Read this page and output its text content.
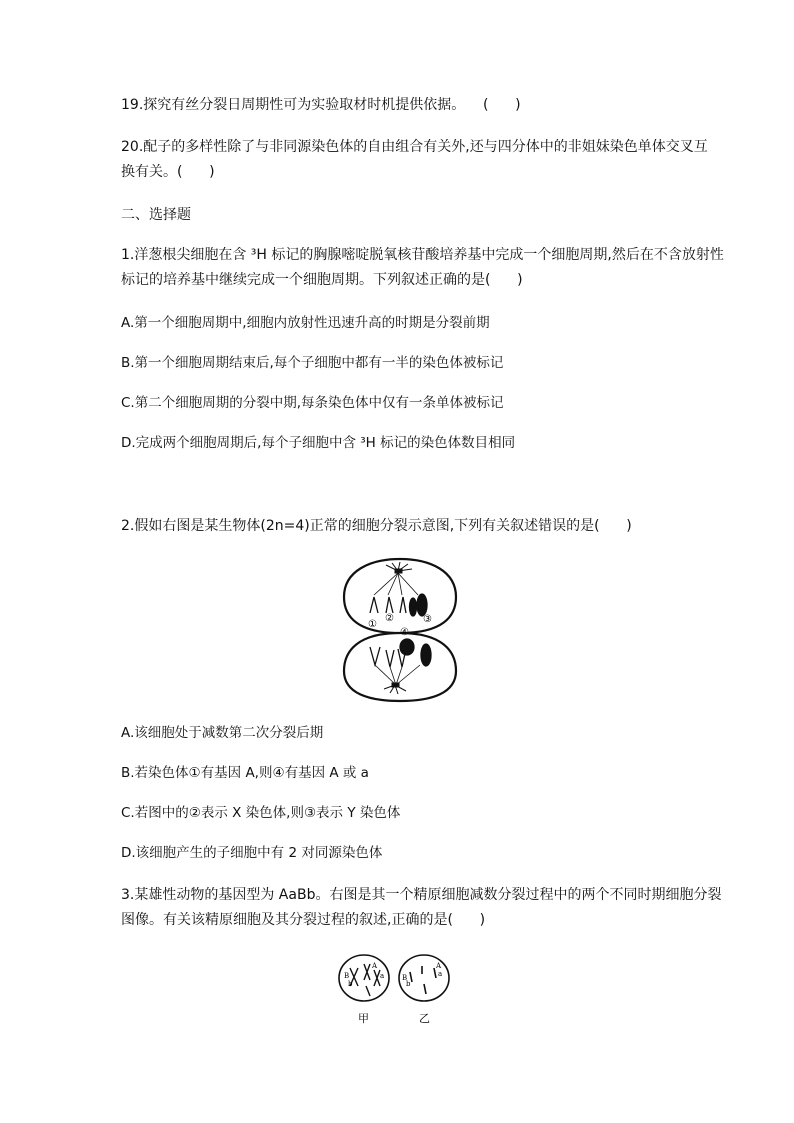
19.探究有丝分裂日周期性可为实验取材时机提供依据。 (      )
20.配子的多样性除了与非同源染色体的自由组合有关外,还与四分体中的非姐妹染色单体交叉互
换有关。(      )
二、选择题
1.洋葱根尖细胞在含 ³H 标记的胸腺嘧啶脱氧核苷酸培养基中完成一个细胞周期,然后在不含放射性
标记的培养基中继续完成一个细胞周期。下列叙述正确的是(      )
A.第一个细胞周期中,细胞内放射性迅速升高的时期是分裂前期
B.第一个细胞周期结束后,每个子细胞中都有一半的染色体被标记
C.第二个细胞周期的分裂中期,每条染色体中仅有一条单体被标记
D.完成两个细胞周期后,每个子细胞中含 ³H 标记的染色体数目相同
2.假如右图是某生物体(2n=4)正常的细胞分裂示意图,下列有关叙述错误的是(      )
①
②	③
④
A.该细胞处于减数第二次分裂后期
B.若染色体①有基因 A,则④有基因 A 或 a
C.若图中的②表示 X 染色体,则③表示 Y 染色体
D.该细胞产生的子细胞中有 2 对同源染色体
3.某雄性动物的基因型为 AaBb。右图是其一个精原细胞减数分裂过程中的两个不同时期细胞分裂
图像。有关该精原细胞及其分裂过程的叙述,正确的是(      )
B
b
A
a	B
b
A
a
甲	乙
